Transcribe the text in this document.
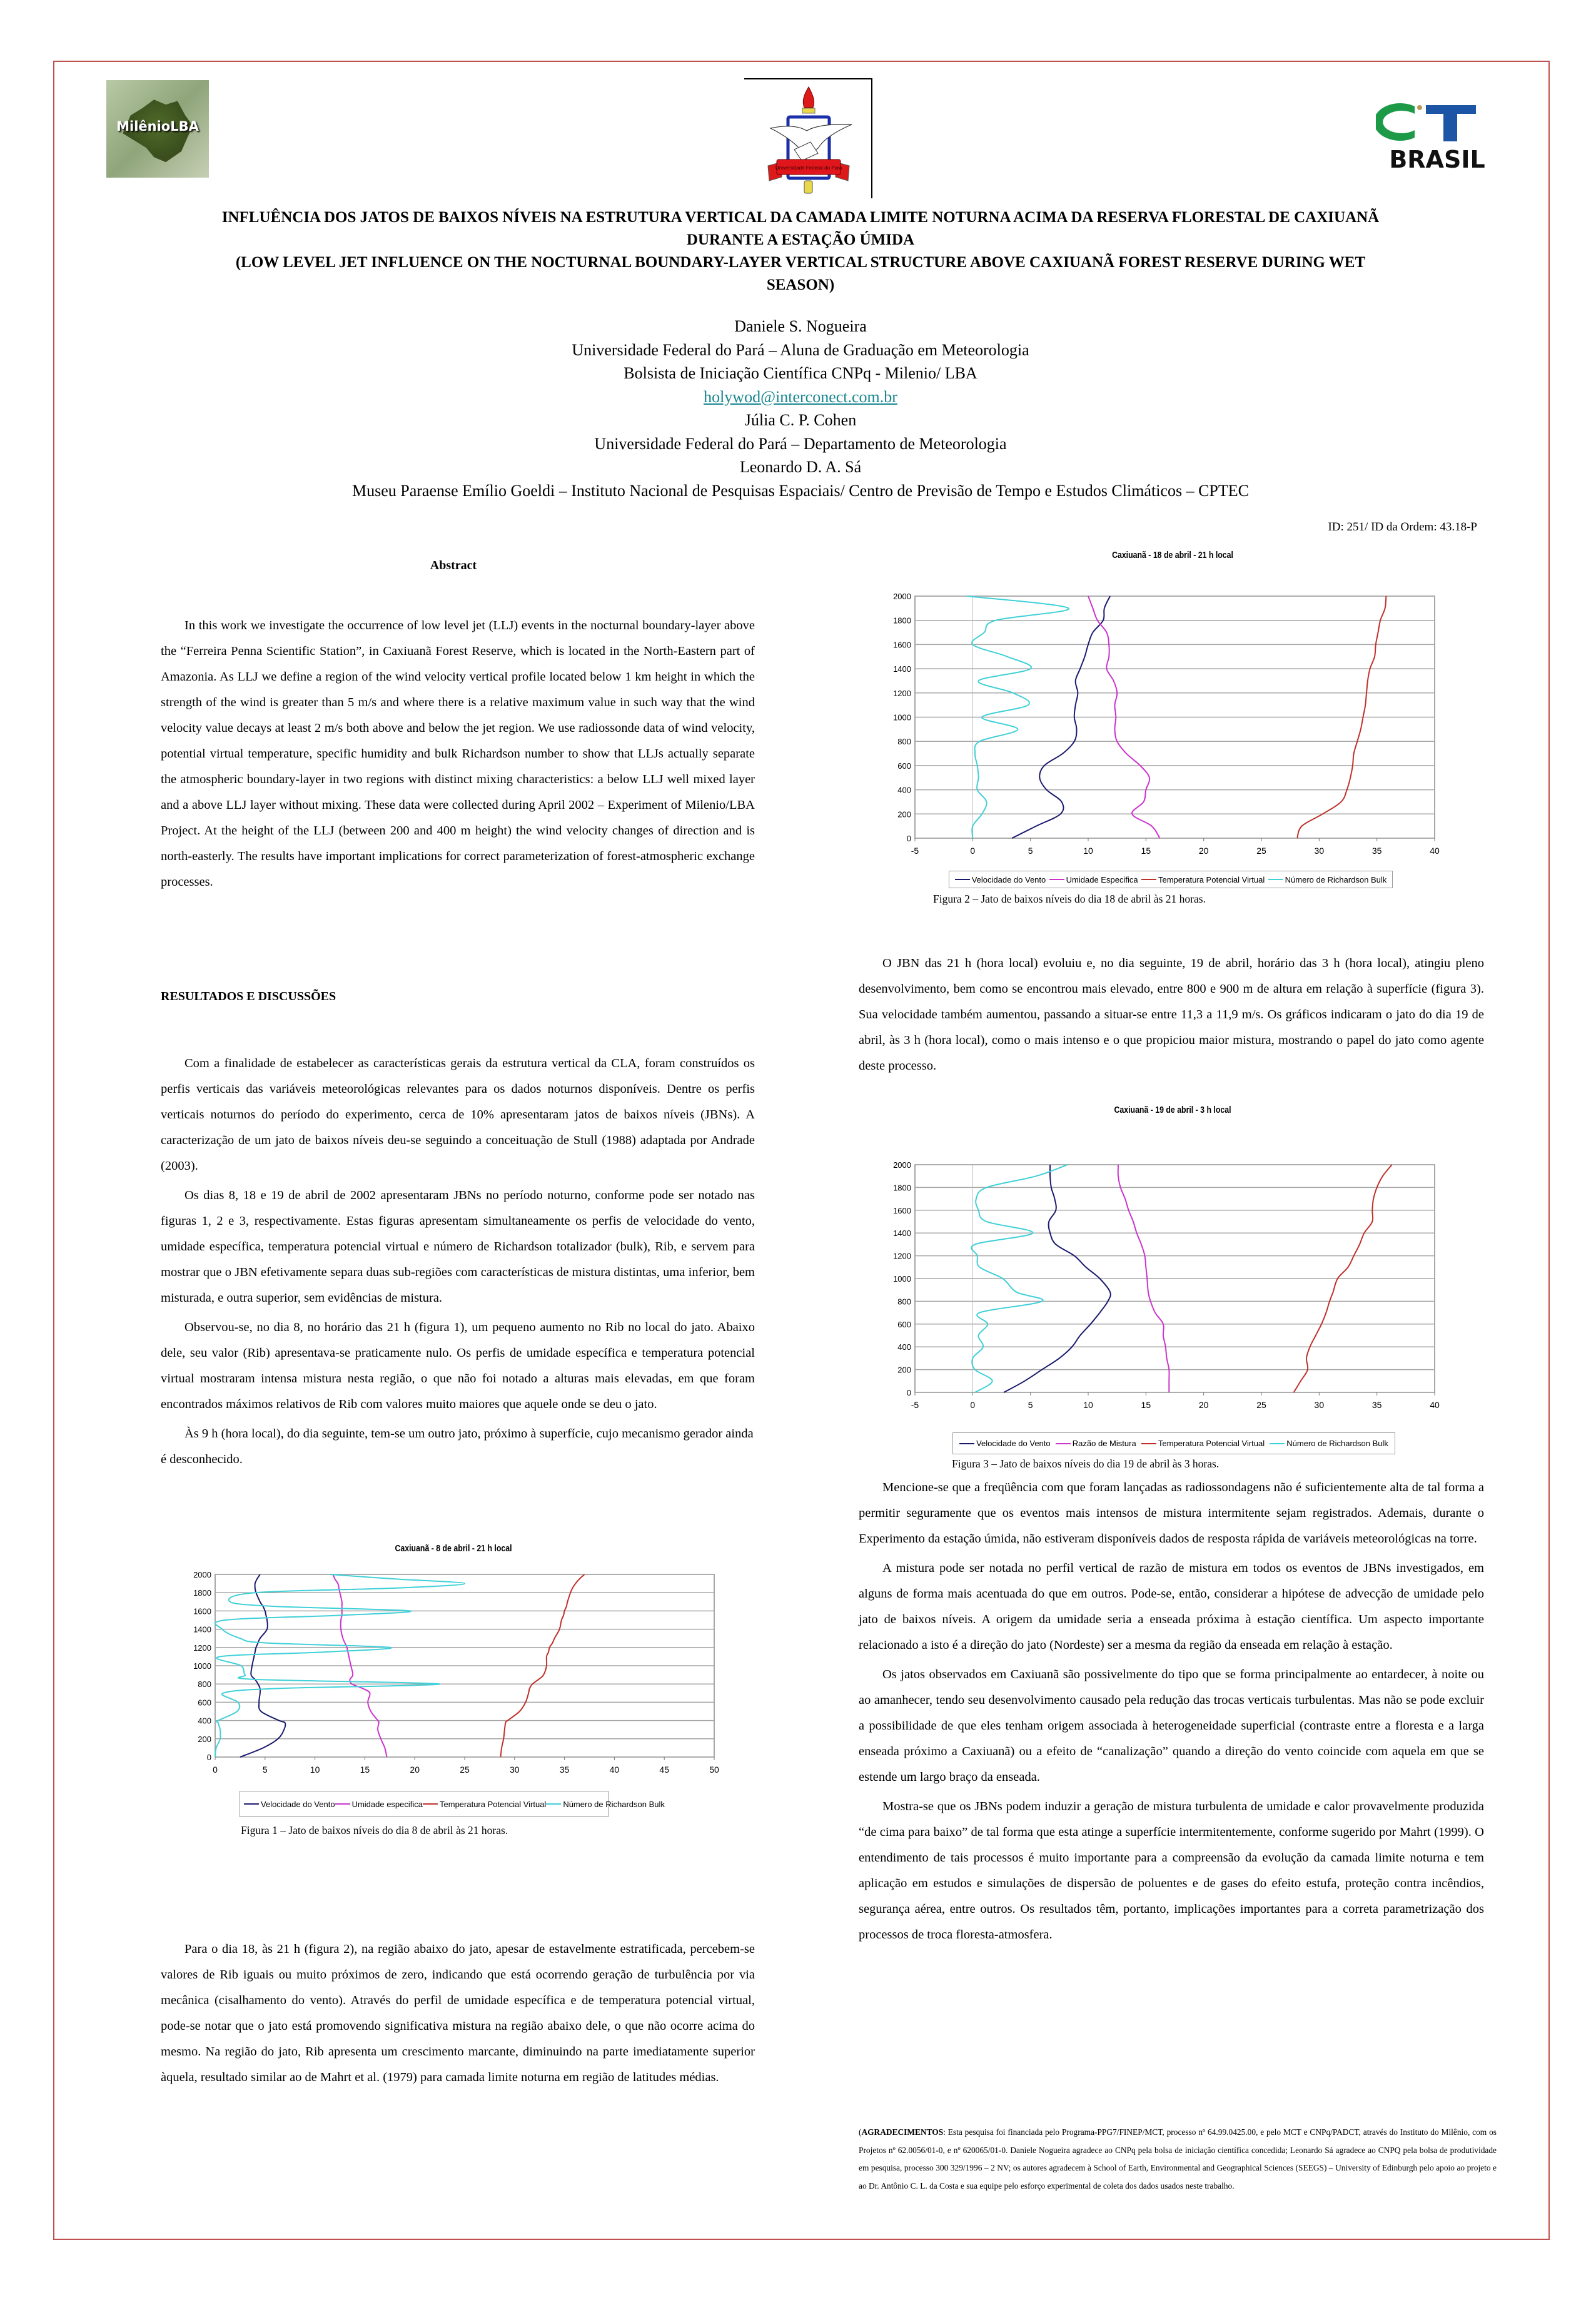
MilênioLBA
Universidade Federal do Pará	BRASIL
INFLUÊNCIA DOS JATOS DE BAIXOS NÍVEIS NA ESTRUTURA VERTICAL DA CAMADA LIMITE NOTURNA ACIMA DA RESERVA FLORESTAL DE CAXIUANÃ
DURANTE A ESTAÇÃO ÚMIDA
(LOW LEVEL JET INFLUENCE ON THE NOCTURNAL BOUNDARY-LAYER VERTICAL STRUCTURE ABOVE CAXIUANÃ FOREST RESERVE DURING WET
SEASON)
Daniele S. Nogueira
Universidade Federal do Pará – Aluna de Graduação em Meteorologia
Bolsista de Iniciação Científica CNPq - Milenio/ LBA
holywod@interconect.com.br
Júlia C. P. Cohen
Universidade Federal do Pará – Departamento de Meteorologia
Leonardo D. A. Sá
Museu Paraense Emílio Goeldi – Instituto Nacional de Pesquisas Espaciais/ Centro de Previsão de Tempo e Estudos Climáticos – CPTEC
ID: 251/ ID da Ordem: 43.18-P
Abstract

In this work we investigate the occurrence of low level jet (LLJ) events in the nocturnal boundary-layer above the “Ferreira Penna Scientific Station”, in Caxiuanã Forest Reserve, which is located in the North-Eastern part of Amazonia. As LLJ we define a region of the wind velocity vertical profile located below 1 km height in which the strength of the wind is greater than 5 m/s and where there is a relative maximum value in such way that the wind velocity value decays at least 2 m/s both above and below the jet region. We use radiossonde data of wind velocity, potential virtual temperature, specific humidity and bulk Richardson number to show that LLJs actually separate the atmospheric boundary-layer in two regions with distinct mixing characteristics: a below LLJ well mixed layer and a above LLJ layer without mixing. These data were collected during April 2002 – Experiment of Milenio/LBA Project. At the height of the LLJ (between 200 and 400 m height) the wind velocity changes of direction and is north-easterly. The results have important implications for correct parameterization of forest-atmospheric exchange processes.

RESULTADOS E DISCUSSÕES

Com a finalidade de estabelecer as características gerais da estrutura vertical da CLA, foram construídos os perfis verticais das variáveis meteorológicas relevantes para os dados noturnos disponíveis. Dentre os perfis verticais noturnos do período do experimento, cerca de 10% apresentaram jatos de baixos níveis (JBNs). A caracterização de um jato de baixos níveis deu-se seguindo a conceituação de Stull (1988) adaptada por Andrade (2003).

Os dias 8, 18 e 19 de abril de 2002 apresentaram JBNs no período noturno, conforme pode ser notado nas figuras 1, 2 e 3, respectivamente. Estas figuras apresentam simultaneamente os perfis de velocidade do vento, umidade específica, temperatura potencial virtual e número de Richardson totalizador (bulk), Rib, e servem para mostrar que o JBN efetivamente separa duas sub-regiões com características de mistura distintas, uma inferior, bem misturada, e outra superior, sem evidências de mistura.

Observou-se, no dia 8, no horário das 21 h (figura 1), um pequeno aumento no Rib no local do jato. Abaixo dele, seu valor (Rib) apresentava-se praticamente nulo. Os perfis de umidade específica e temperatura potencial virtual mostraram intensa mistura nesta região, o que não foi notado a alturas mais elevadas, em que foram encontrados máximos relativos de Rib com valores muito maiores que aquele onde se deu o jato.

Às 9 h (hora local), do dia seguinte, tem-se um outro jato, próximo à superfície, cujo mecanismo gerador ainda é desconhecido.

Caxiuanã - 8 de abril - 21 h local
0
200
400
600
800
1000
1200
1400
1600
1800
2000
0	5	10	15	20	25	30	35	40	45	50
Velocidade do Vento Umidade especifica Temperatura Potencial Virtual Número de Richardson Bulk
Figura 1 – Jato de baixos níveis do dia 8 de abril às 21 horas.

Para o dia 18, às 21 h (figura 2), na região abaixo do jato, apesar de estavelmente estratificada, percebem-se valores de Rib iguais ou muito próximos de zero, indicando que está ocorrendo geração de turbulência por via mecânica (cisalhamento do vento). Através do perfil de umidade específica e de temperatura potencial virtual, pode-se notar que o jato está promovendo significativa mistura na região abaixo dele, o que não ocorre acima do mesmo. Na região do jato, Rib apresenta um crescimento marcante, diminuindo na parte imediatamente superior àquela, resultado similar ao de Mahrt et al. (1979) para camada limite noturna em região de latitudes médias.

Caxiuanã - 18 de abril - 21 h local
0
200
400
600
800
1000
1200
1400
1600
1800
2000
-5	0	5	10	15	20	25	30	35	40
Velocidade do Vento Umidade Especifica Temperatura Potencial Virtual Número de Richardson Bulk
Figura 2 – Jato de baixos níveis do dia 18 de abril às 21 horas.

O JBN das 21 h (hora local) evoluiu e, no dia seguinte, 19 de abril, horário das 3 h (hora local), atingiu pleno desenvolvimento, bem como se encontrou mais elevado, entre 800 e 900 m de altura em relação à superfície (figura 3). Sua velocidade também aumentou, passando a situar-se entre 11,3 a 11,9 m/s. Os gráficos indicaram o jato do dia 19 de abril, às 3 h (hora local), como o mais intenso e o que propiciou maior mistura, mostrando o papel do jato como agente deste processo.

Caxiuanã - 19 de abril - 3 h local
0
200
400
600
800
1000
1200
1400
1600
1800
2000
-5	0	5	10	15	20	25	30	35	40
Velocidade do Vento	Razão de Mistura	Temperatura Potencial Virtual	Número de Richardson Bulk
Figura 3 – Jato de baixos níveis do dia 19 de abril às 3 horas.

Mencione-se que a freqüência com que foram lançadas as radiossondagens não é suficientemente alta de tal forma a permitir seguramente que os eventos mais intensos de mistura intermitente sejam registrados. Ademais, durante o Experimento da estação úmida, não estiveram disponíveis dados de resposta rápida de variáveis meteorológicas na torre.

A mistura pode ser notada no perfil vertical de razão de mistura em todos os eventos de JBNs investigados, em alguns de forma mais acentuada do que em outros. Pode-se, então, considerar a hipótese de advecção de umidade pelo jato de baixos níveis. A origem da umidade seria a enseada próxima à estação científica. Um aspecto importante relacionado a isto é a direção do jato (Nordeste) ser a mesma da região da enseada em relação à estação.

Os jatos observados em Caxiuanã são possivelmente do tipo que se forma principalmente ao entardecer, à noite ou ao amanhecer, tendo seu desenvolvimento causado pela redução das trocas verticais turbulentas. Mas não se pode excluir a possibilidade de que eles tenham origem associada à heterogeneidade superficial (contraste entre a floresta e a larga enseada próximo a Caxiuanã) ou a efeito de “canalização” quando a direção do vento coincide com aquela em que se estende um largo braço da enseada.

Mostra-se que os JBNs podem induzir a geração de mistura turbulenta de umidade e calor provavelmente produzida “de cima para baixo” de tal forma que esta atinge a superfície intermitentemente, conforme sugerido por Mahrt (1999). O entendimento de tais processos é muito importante para a compreensão da evolução da camada limite noturna e tem aplicação em estudos e simulações de dispersão de poluentes e de gases do efeito estufa, proteção contra incêndios, segurança aérea, entre outros. Os resultados têm, portanto, implicações importantes para a correta parametrização dos processos de troca floresta-atmosfera.

(AGRADECIMENTOS: Esta pesquisa foi financiada pelo Programa-PPG7/FINEP/MCT, processo nº 64.99.0425.00, e pelo MCT e CNPq/PADCT, através do Instituto do Milênio, com os Projetos nº 62.0056/01-0, e nº 620065/01-0. Daniele Nogueira agradece ao CNPq pela bolsa de iniciação científica concedida; Leonardo Sá agradece ao CNPQ pela bolsa de produtividade em pesquisa, processo 300 329/1996 – 2 NV; os autores agradecem à School of Earth, Environmental and Geographical Sciences (SEEGS) – University of Edinburgh pelo apoio ao projeto e ao Dr. Antônio C. L. da Costa e sua equipe pelo esforço experimental de coleta dos dados usados neste trabalho.
